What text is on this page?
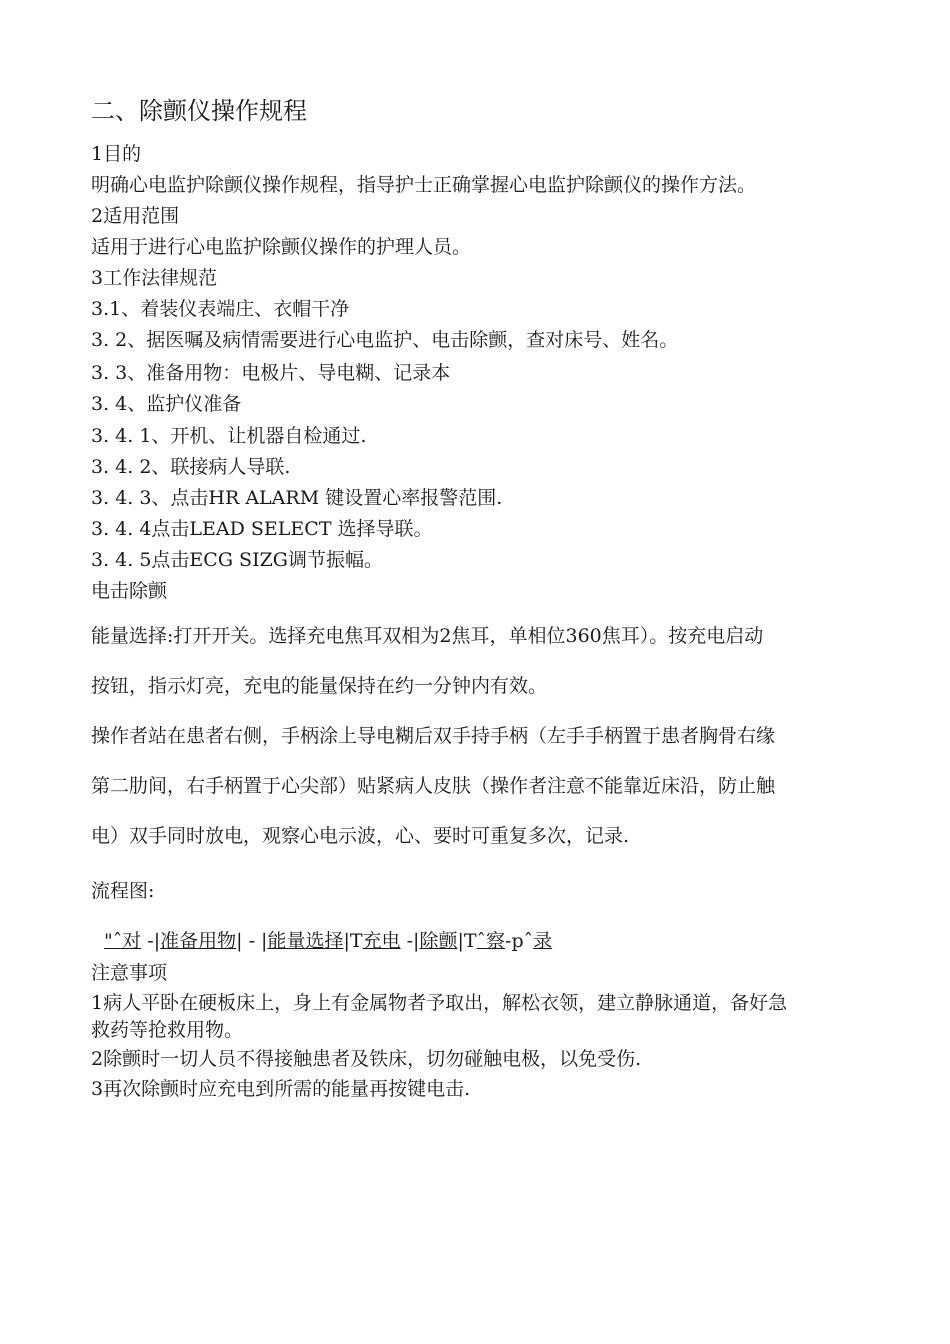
二、除颤仪操作规程
1目的
明确心电监护除颤仪操作规程，指导护士正确掌握心电监护除颤仪的操作方法。
2适用范围
适用于进行心电监护除颤仪操作的护理人员。
3工作法律规范
3.1、着装仪表端庄、衣帽干净
3. 2、据医嘱及病情需要进行心电监护、电击除颤，查对床号、姓名。
3. 3、准备用物：电极片、导电糊、记录本
3. 4、监护仪准备
3. 4. 1、开机、让机器自检通过.
3. 4. 2、联接病人导联.
3. 4. 3、点击HR ALARM 键设置心率报警范围.
3. 4. 4点击LEAD SELECT 选择导联。
3. 4. 5点击ECG SIZG调节振幅。
电击除颤
能量选择:打开开关。选择充电焦耳双相为2焦耳，单相位360焦耳）。按充电启动
按钮，指示灯亮，充电的能量保持在约一分钟内有效。
操作者站在患者右侧，手柄涂上导电糊后双手持手柄（左手手柄置于患者胸骨右缘
第二肋间，右手柄置于心尖部）贴紧病人皮肤（操作者注意不能靠近床沿，防止触
电）双手同时放电，观察心电示波，心、要时可重复多次，记录.
流程图:
"ˆ对 -|准备用物| - |能量选择|T充电 -|除颤|Tˆ察-pˆ录
注意事项
1病人平卧在硬板床上，身上有金属物者予取出，解松衣领，建立静脉通道，备好急
救药等抢救用物。
2除颤时一切人员不得接触患者及铁床，切勿碰触电极，以免受伤.
3再次除颤时应充电到所需的能量再按键电击.
